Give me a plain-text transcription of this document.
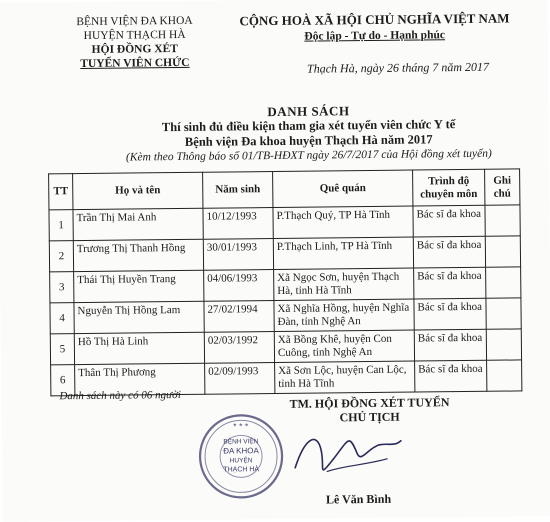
BỆNH VIỆN ĐA KHOA
HUYỆN THẠCH HÀ
HỘI ĐỒNG XÉT
TUYỂN VIÊN CHỨC
CỘNG HOÀ XÃ HỘI CHỦ NGHĨA VIỆT NAM
Độc lập - Tự do - Hạnh phúc
Thạch Hà, ngày 26 tháng 7 năm 2017
DANH SÁCH
Thí sinh đủ điều kiện tham gia xét tuyển viên chức Y tế
Bệnh viện Đa khoa huyện Thạch Hà năm 2017
(Kèm theo Thông báo số 01/TB-HĐXT ngày 26/7/2017 của Hội đồng xét tuyển)
TT	Họ và tên	Năm sinh	Quê quán	Trình độ chuyên môn	Ghi chú
1	Trần Thị Mai Anh	10/12/1993	P.Thạch Quý, TP Hà Tĩnh	Bác sĩ đa khoa	
2	Trương Thị Thanh Hồng	30/01/1993	P.Thạch Linh, TP Hà Tĩnh	Bác sĩ đa khoa	
3	Thái Thị Huyền Trang	04/06/1993	Xã Ngọc Sơn, huyện Thạch Hà, tỉnh Hà Tĩnh	Bác sĩ đa khoa	
4	Nguyễn Thị Hồng Lam	27/02/1994	Xã Nghĩa Hồng, huyện Nghĩa Đàn, tỉnh Nghệ An	Bác sĩ đa khoa	
5	Hồ Thị Hà Linh	02/03/1992	Xã Bồng Khê, huyện Con Cuông, tỉnh Nghệ An	Bác sĩ đa khoa	
6	Thân Thị Phương	02/09/1993	Xã Sơn Lộc, huyện Can Lộc, tỉnh Hà Tĩnh	Bác sĩ đa khoa	
Danh sách này có 06 người	TM. HỘI ĐỒNG XÉT TUYỂN
CHỦ TỊCH
BỆNH VIỆN
ĐA KHOA
HUYỆN
THẠCH HÀ
★ ★ ★
Lê Văn Bình
